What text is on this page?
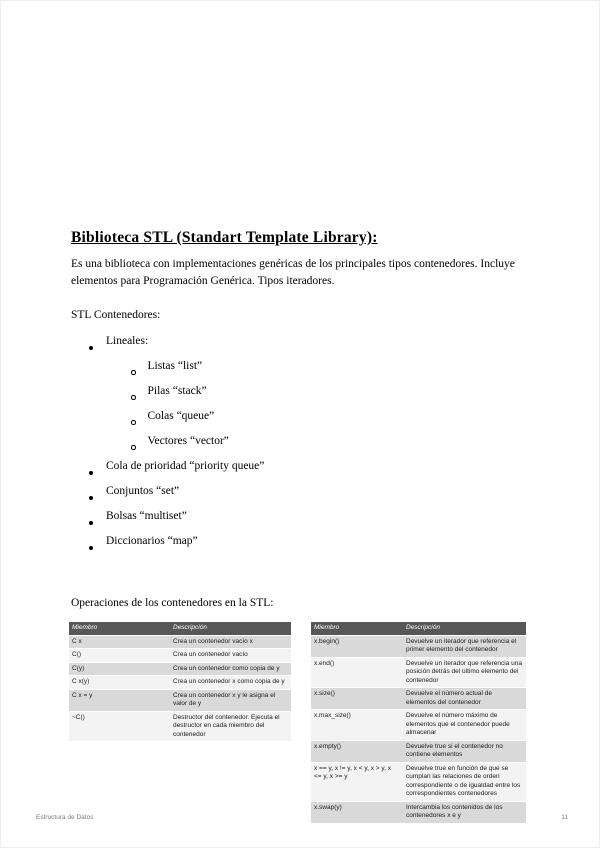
Biblioteca STL (Standart Template Library):
Es una biblioteca con implementaciones genéricas de los principales tipos contenedores. Incluye elementos para Programación Genérica. Tipos iteradores.
STL Contenedores:
Lineales:
Listas “list”
Pilas “stack”
Colas “queue”
Vectores “vector”
Cola de prioridad “priority queue”
Conjuntos “set”
Bolsas “multiset”
Diccionarios “map”
Operaciones de los contenedores en la STL:
Miembro	Descripción
C x	Crea un contenedor vacío x
C()	Crea un contenedor vacío
C(y)	Crea un contenedor como copia de y
C x(y)	Crea un contenedor x como copia de y
C x = y	Crea un contenedor x y le asigna el valor de y
~C()	Destructor del contenedor. Ejecuta el destructor en cada miembro del contenedor
Miembro	Descripción
x.begin()	Devuelve un iterador que referencia el primer elemento del contenedor
x.end()	Devuelve un iterador que referencia una posición detrás del último elemento del contenedor
x.size()	Devuelve el número actual de elementos del contenedor
x.max_size()	Devuelve el número máximo de elementos que el contenedor puede almacenar
x.empty()	Devuelve true si el contenedor no contiene elementos
x == y, x != y, x < y, x > y, x <= y, x >= y	Devuelve true en función de que se cumplan las relaciones de orden correspondiente o de igualdad entre los correspondientes contenedores
x.swap(y)	Intercambia los contenidos de los contenedores x e y
Estructura de Datos	11
